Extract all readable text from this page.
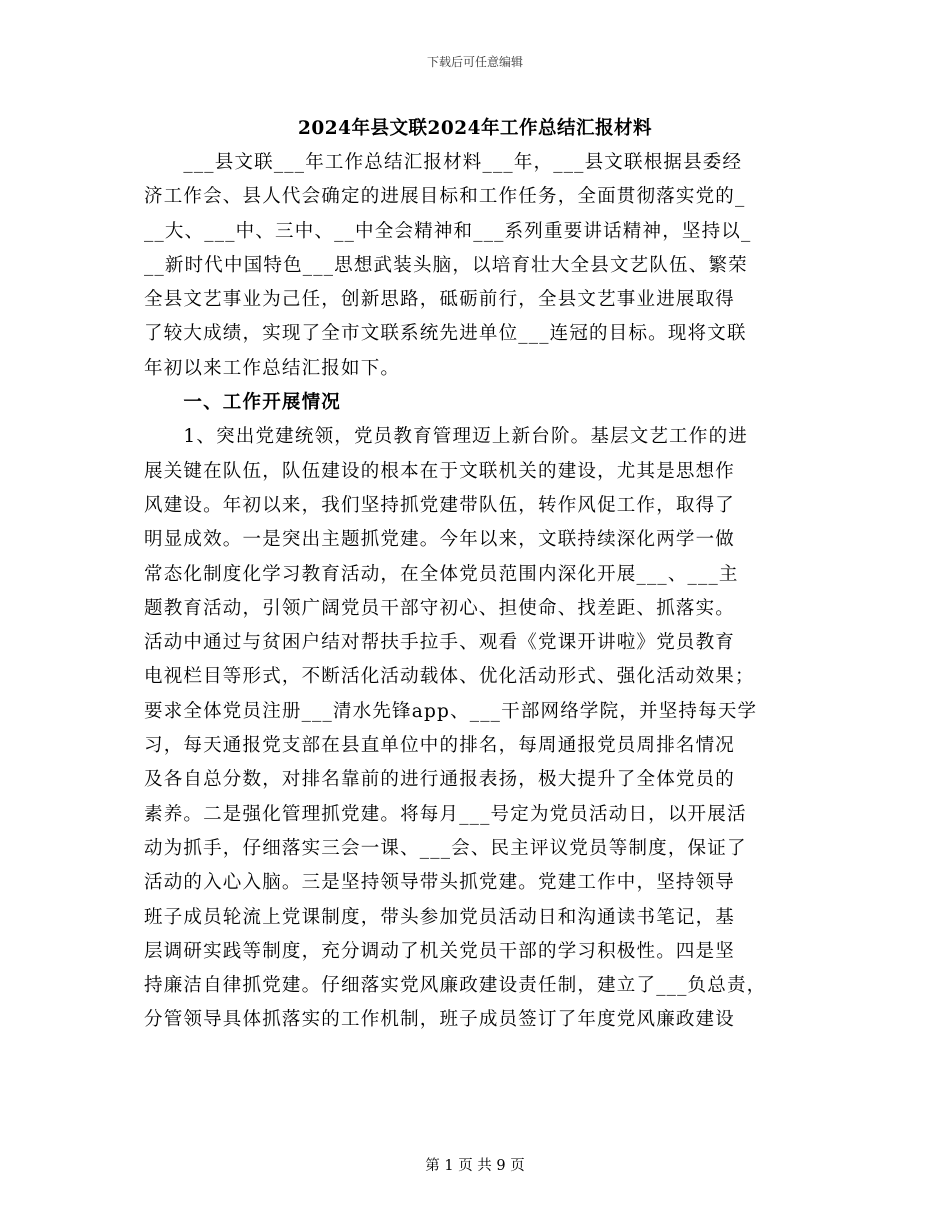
下载后可任意编辑
2024年县文联2024年工作总结汇报材料
　　___县文联___年工作总结汇报材料___年，___县文联根据县委经
济工作会、县人代会确定的进展目标和工作任务，全面贯彻落实党的_
__大、___中、三中、__中全会精神和___系列重要讲话精神，坚持以_
__新时代中国特色___思想武装头脑，以培育壮大全县文艺队伍、繁荣
全县文艺事业为己任，创新思路，砥砺前行，全县文艺事业进展取得
了较大成绩，实现了全市文联系统先进单位___连冠的目标。现将文联
年初以来工作总结汇报如下。
　　一、工作开展情况
　　1、突出党建统领，党员教育管理迈上新台阶。基层文艺工作的进
展关键在队伍，队伍建设的根本在于文联机关的建设，尤其是思想作
风建设。年初以来，我们坚持抓党建带队伍，转作风促工作，取得了
明显成效。一是突出主题抓党建。今年以来，文联持续深化两学一做
常态化制度化学习教育活动，在全体党员范围内深化开展___、___主
题教育活动，引领广阔党员干部守初心、担使命、找差距、抓落实。
活动中通过与贫困户结对帮扶手拉手、观看《党课开讲啦》党员教育
电视栏目等形式，不断活化活动载体、优化活动形式、强化活动效果；
要求全体党员注册___清水先锋app、___干部网络学院，并坚持每天学
习，每天通报党支部在县直单位中的排名，每周通报党员周排名情况
及各自总分数，对排名靠前的进行通报表扬，极大提升了全体党员的
素养。二是强化管理抓党建。将每月___号定为党员活动日，以开展活
动为抓手，仔细落实三会一课、___会、民主评议党员等制度，保证了
活动的入心入脑。三是坚持领导带头抓党建。党建工作中，坚持领导
班子成员轮流上党课制度，带头参加党员活动日和沟通读书笔记，基
层调研实践等制度，充分调动了机关党员干部的学习积极性。四是坚
持廉洁自律抓党建。仔细落实党风廉政建设责任制，建立了___负总责，
分管领导具体抓落实的工作机制，班子成员签订了年度党风廉政建设
第 1 页 共 9 页
